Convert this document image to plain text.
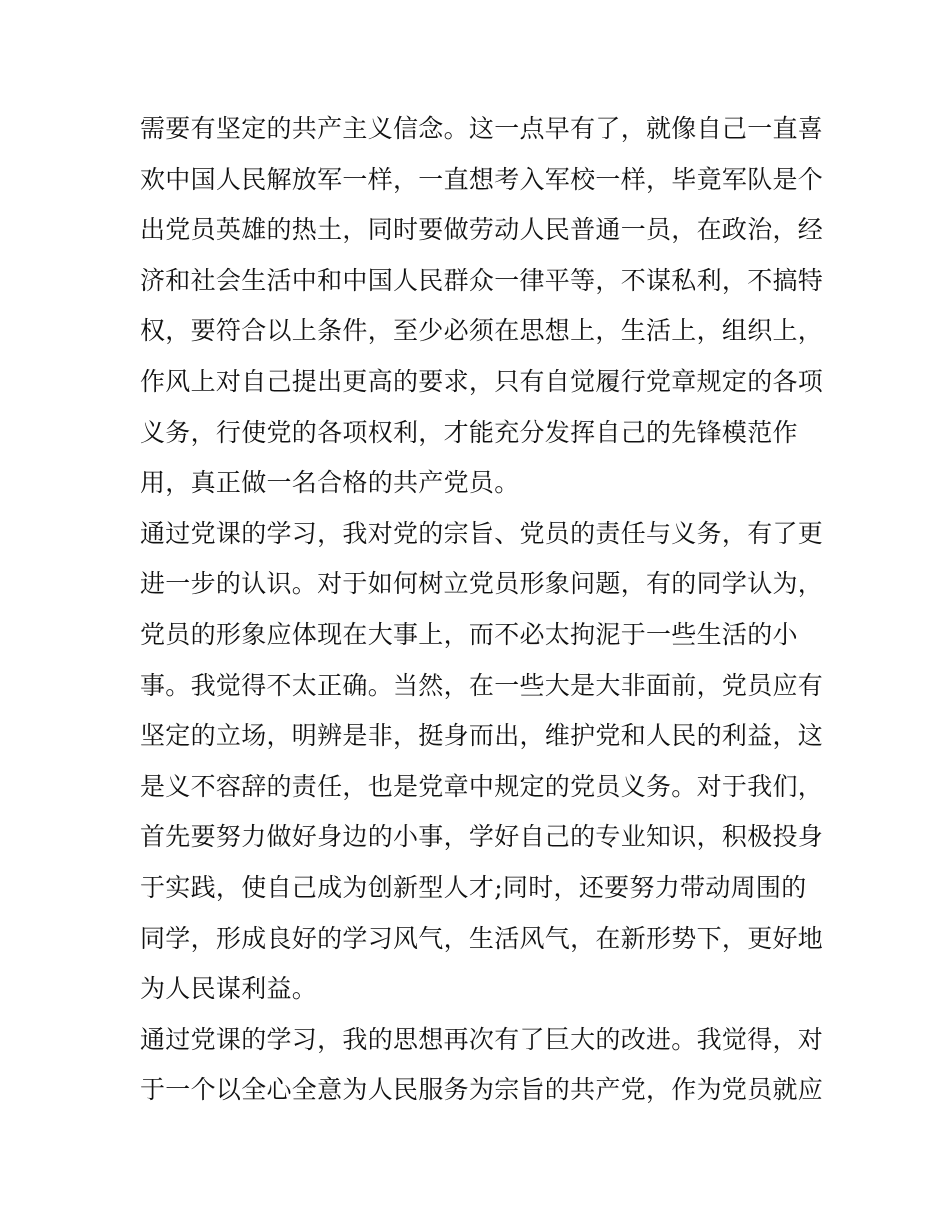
需要有坚定的共产主义信念。这一点早有了，就像自己一直喜
欢中国人民解放军一样，一直想考入军校一样，毕竟军队是个
出党员英雄的热土，同时要做劳动人民普通一员，在政治，经
济和社会生活中和中国人民群众一律平等，不谋私利，不搞特
权，要符合以上条件，至少必须在思想上，生活上，组织上，
作风上对自己提出更高的要求，只有自觉履行党章规定的各项
义务，行使党的各项权利，才能充分发挥自己的先锋模范作
用，真正做一名合格的共产党员。
通过党课的学习，我对党的宗旨、党员的责任与义务，有了更
进一步的认识。对于如何树立党员形象问题，有的同学认为，
党员的形象应体现在大事上，而不必太拘泥于一些生活的小
事。我觉得不太正确。当然，在一些大是大非面前，党员应有
坚定的立场，明辨是非，挺身而出，维护党和人民的利益，这
是义不容辞的责任，也是党章中规定的党员义务。对于我们，
首先要努力做好身边的小事，学好自己的专业知识，积极投身
于实践，使自己成为创新型人才;同时，还要努力带动周围的
同学，形成良好的学习风气，生活风气，在新形势下，更好地
为人民谋利益。
通过党课的学习，我的思想再次有了巨大的改进。我觉得，对
于一个以全心全意为人民服务为宗旨的共产党，作为党员就应
